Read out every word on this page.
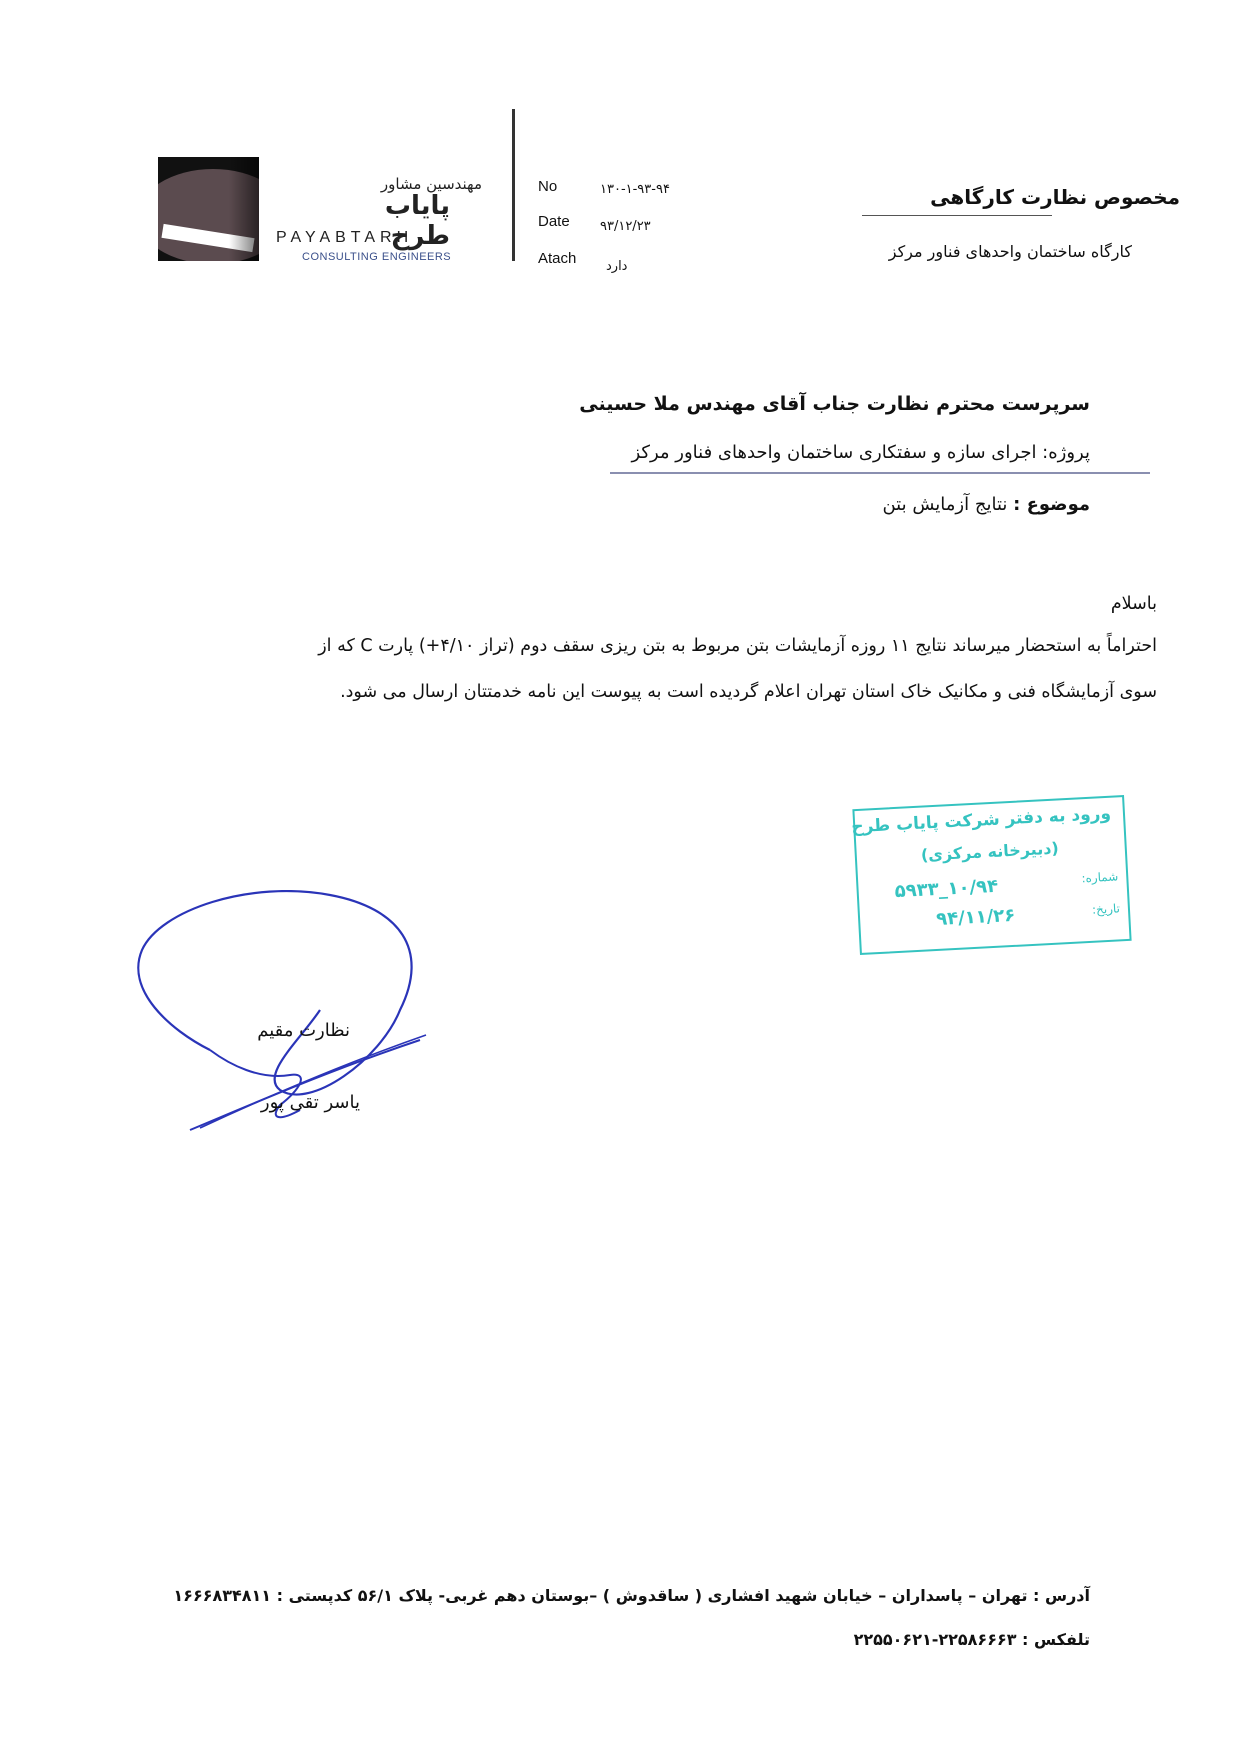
مهندسین مشاور
پایاب طرح
PAYABTARH
CONSULTING ENGINEERS
No	۱۳۰-۱-۹۳-۹۴
Date ۹۳/۱۲/۲۳
Atach دارد
مخصوص نظارت کارگاهی
کارگاه ساختمان واحدهای فناور مرکز
سرپرست محترم نظارت جناب آقای مهندس ملا حسینی
پروژه: اجرای سازه و سفتکاری ساختمان واحدهای فناور مرکز
موضوع : نتایج آزمایش بتن
باسلام
احتراماً به استحضار میرساند نتایج ۱۱ روزه آزمایشات بتن مربوط به بتن ریزی سقف دوم (تراز ۴/۱۰+) پارت C که از
سوی آزمایشگاه فنی و مکانیک خاک استان تهران اعلام گردیده است به پیوست این نامه خدمتتان ارسال می شود.
ورود به دفتر شرکت پایاب طرح
(دبیرخانه مرکزی)
شماره:
۱۰/۹۴_۵۹۳۳
تاریخ:
۹۴/۱۱/۲۶
نظارت مقیم
یاسر تقی پور
آدرس : تهران – پاسداران – خیابان شهید افشاری ( ساقدوش ) –بوستان دهم غربی- پلاک ۵۶/۱ کدپستی : ۱۶۶۶۸۳۴۸۱۱
تلفکس : ۲۲۵۸۶۶۶۳-۲۲۵۵۰۶۲۱
